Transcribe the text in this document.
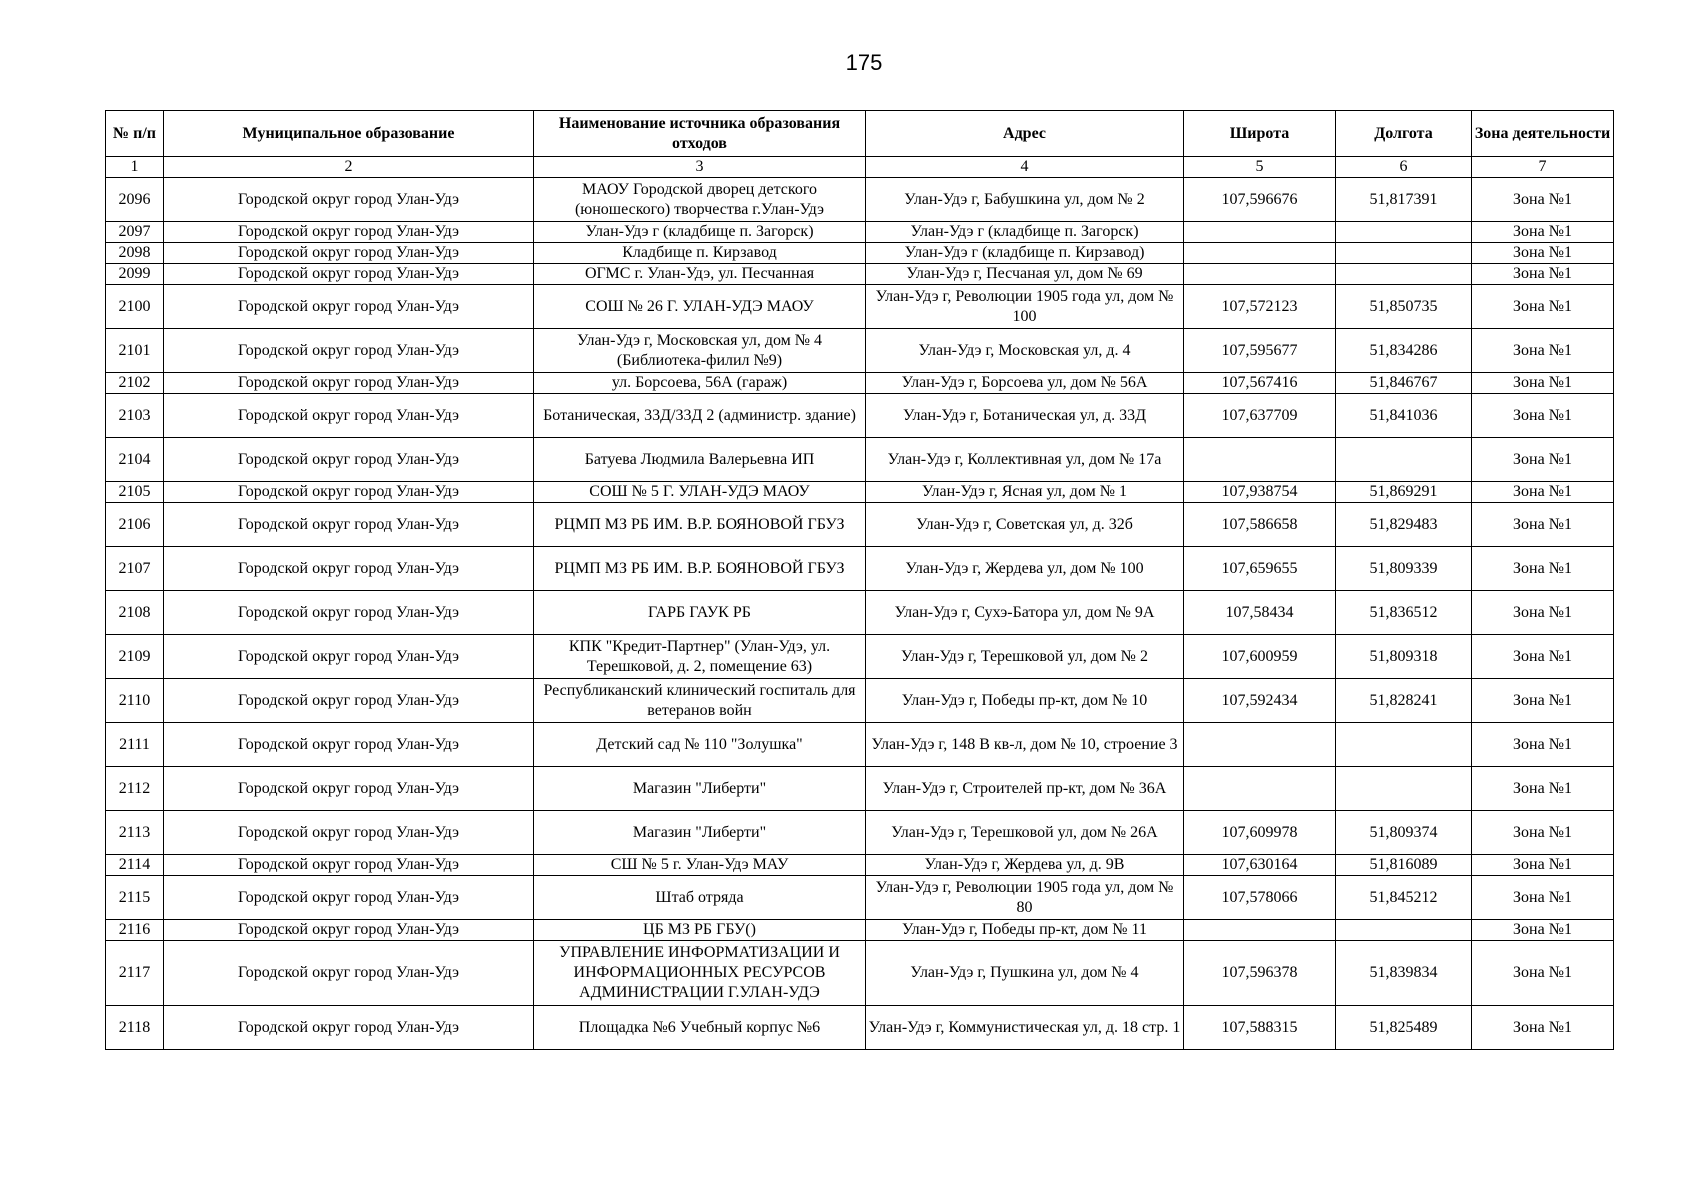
175
№ п/п	Муниципальное образование	Наименование источника образования отходов	Адрес	Широта	Долгота	Зона деятельности
1	2	3	4	5	6	7
2096	Городской округ город Улан-Удэ	МАОУ Городской дворец детского (юношеского) творчества г.Улан-Удэ	Улан-Удэ г, Бабушкина ул, дом № 2	107,596676	51,817391	Зона №1
2097	Городской округ город Улан-Удэ	Улан-Удэ г (кладбище п. Загорск)	Улан-Удэ г (кладбище п. Загорск)			Зона №1
2098	Городской округ город Улан-Удэ	Кладбище п. Кирзавод	Улан-Удэ г (кладбище п. Кирзавод)			Зона №1
2099	Городской округ город Улан-Удэ	ОГМС г. Улан-Удэ, ул. Песчанная	Улан-Удэ г, Песчаная ул, дом № 69			Зона №1
2100	Городской округ город Улан-Удэ	СОШ № 26 Г. УЛАН-УДЭ МАОУ	Улан-Удэ г, Революции 1905 года ул, дом № 100	107,572123	51,850735	Зона №1
2101	Городской округ город Улан-Удэ	Улан-Удэ г, Московская ул, дом № 4 (Библиотека-филил №9)	Улан-Удэ г, Московская ул, д. 4	107,595677	51,834286	Зона №1
2102	Городской округ город Улан-Удэ	ул. Борсоева, 56А (гараж)	Улан-Удэ г, Борсоева ул, дом № 56А	107,567416	51,846767	Зона №1
2103	Городской округ город Улан-Удэ	Ботаническая, 33Д/33Д 2 (администр. здание)	Улан-Удэ г, Ботаническая ул, д. 33Д	107,637709	51,841036	Зона №1
2104	Городской округ город Улан-Удэ	Батуева Людмила Валерьевна ИП	Улан-Удэ г, Коллективная ул, дом № 17а			Зона №1
2105	Городской округ город Улан-Удэ	СОШ № 5 Г. УЛАН-УДЭ МАОУ	Улан-Удэ г, Ясная ул, дом № 1	107,938754	51,869291	Зона №1
2106	Городской округ город Улан-Удэ	РЦМП МЗ РБ ИМ. В.Р. БОЯНОВОЙ ГБУЗ	Улан-Удэ г, Советская ул, д. 32б	107,586658	51,829483	Зона №1
2107	Городской округ город Улан-Удэ	РЦМП МЗ РБ ИМ. В.Р. БОЯНОВОЙ ГБУЗ	Улан-Удэ г, Жердева ул, дом № 100	107,659655	51,809339	Зона №1
2108	Городской округ город Улан-Удэ	ГАРБ ГАУК РБ	Улан-Удэ г, Сухэ-Батора ул, дом № 9А	107,58434	51,836512	Зона №1
2109	Городской округ город Улан-Удэ	КПК "Кредит-Партнер" (Улан-Удэ, ул. Терешковой, д. 2, помещение 63)	Улан-Удэ г, Терешковой ул, дом № 2	107,600959	51,809318	Зона №1
2110	Городской округ город Улан-Удэ	Республиканский клинический госпиталь для ветеранов войн	Улан-Удэ г, Победы пр-кт, дом № 10	107,592434	51,828241	Зона №1
2111	Городской округ город Улан-Удэ	Детский сад № 110 "Золушка"	Улан-Удэ г, 148 В кв-л, дом № 10, строение 3			Зона №1
2112	Городской округ город Улан-Удэ	Магазин "Либерти"	Улан-Удэ г, Строителей пр-кт, дом № 36А			Зона №1
2113	Городской округ город Улан-Удэ	Магазин "Либерти"	Улан-Удэ г, Терешковой ул, дом № 26А	107,609978	51,809374	Зона №1
2114	Городской округ город Улан-Удэ	СШ № 5 г. Улан-Удэ МАУ	Улан-Удэ г, Жердева ул, д. 9В	107,630164	51,816089	Зона №1
2115	Городской округ город Улан-Удэ	Штаб отряда	Улан-Удэ г, Революции 1905 года ул, дом № 80	107,578066	51,845212	Зона №1
2116	Городской округ город Улан-Удэ	ЦБ МЗ РБ ГБУ()	Улан-Удэ г, Победы пр-кт, дом № 11			Зона №1
2117	Городской округ город Улан-Удэ	УПРАВЛЕНИЕ ИНФОРМАТИЗАЦИИ И ИНФОРМАЦИОННЫХ РЕСУРСОВ АДМИНИСТРАЦИИ Г.УЛАН-УДЭ	Улан-Удэ г, Пушкина ул, дом № 4	107,596378	51,839834	Зона №1
2118	Городской округ город Улан-Удэ	Площадка №6 Учебный корпус №6	Улан-Удэ г, Коммунистическая ул, д. 18 стр. 1	107,588315	51,825489	Зона №1
